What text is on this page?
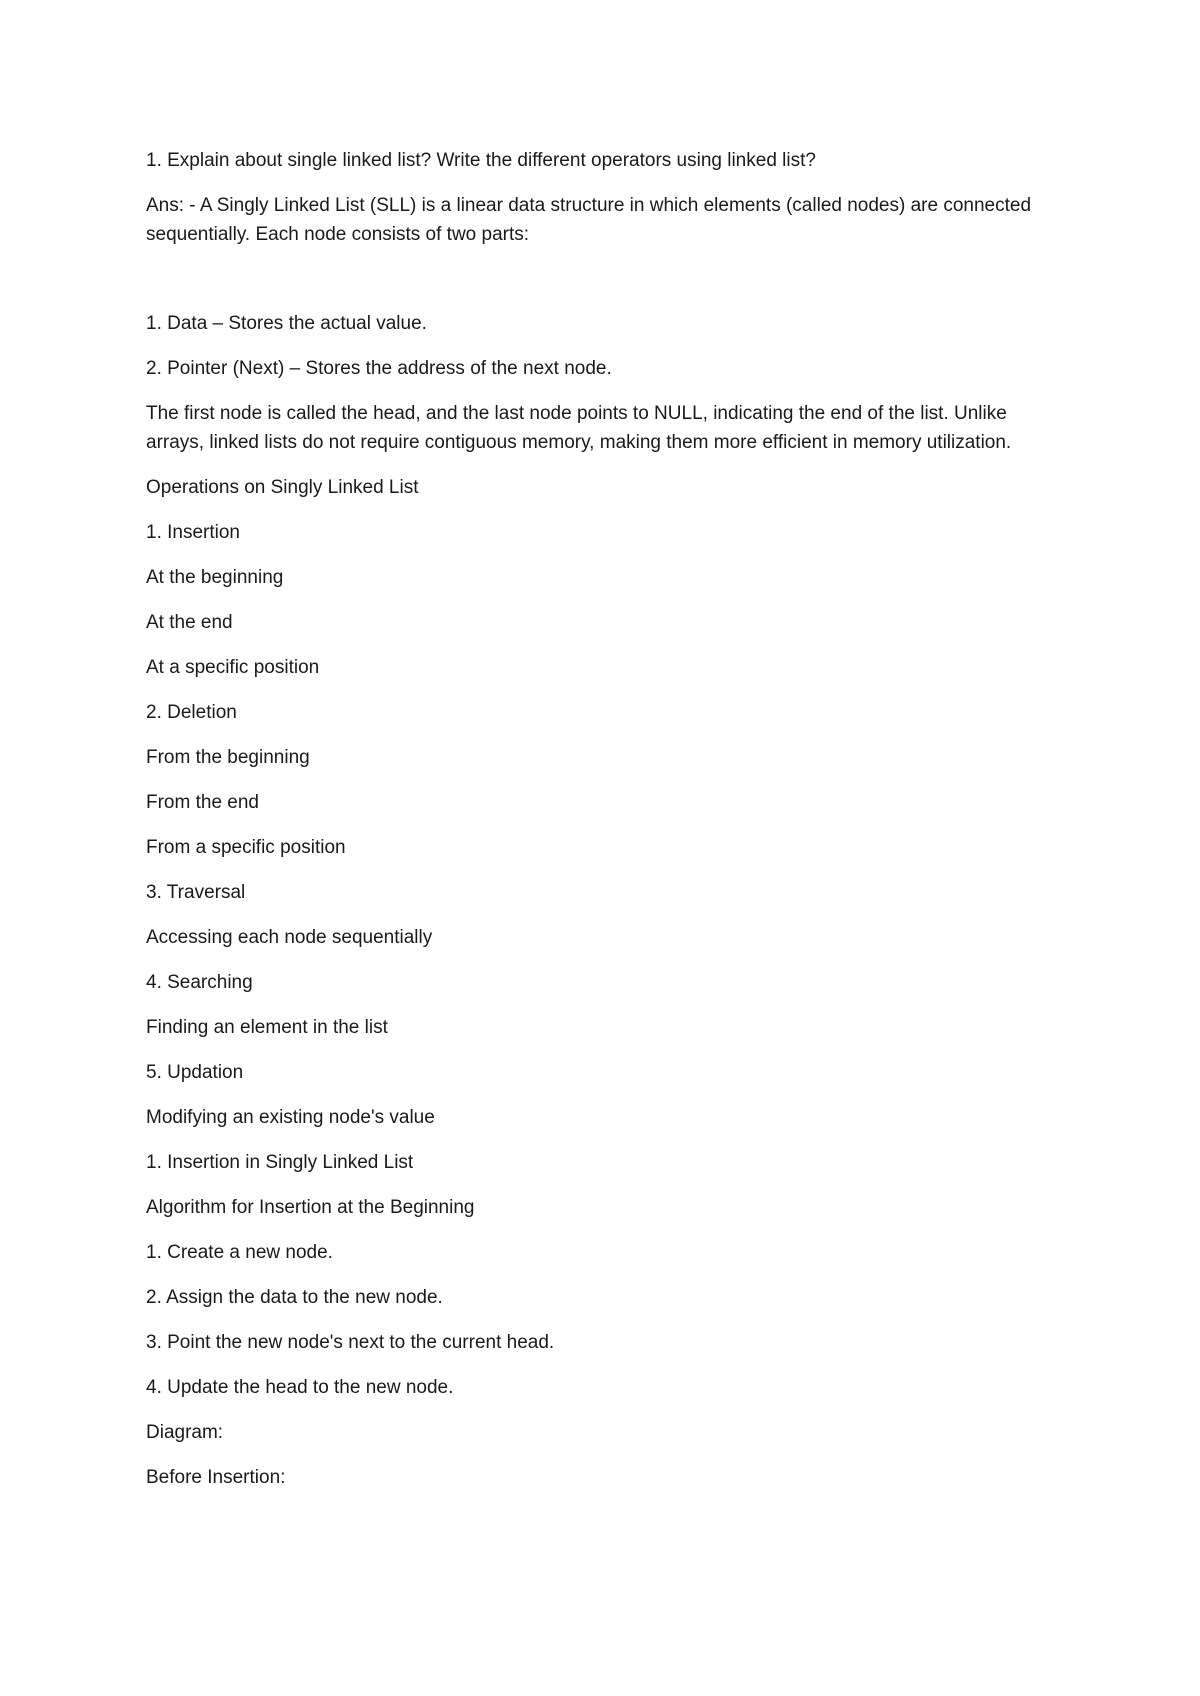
1. Explain about single linked list? Write the different operators using linked list?

Ans: - A Singly Linked List (SLL) is a linear data structure in which elements (called nodes) are connected sequentially. Each node consists of two parts:

1. Data – Stores the actual value.

2. Pointer (Next) – Stores the address of the next node.

The first node is called the head, and the last node points to NULL, indicating the end of the list. Unlike arrays, linked lists do not require contiguous memory, making them more efficient in memory utilization.

Operations on Singly Linked List

1. Insertion

At the beginning

At the end

At a specific position

2. Deletion

From the beginning

From the end

From a specific position

3. Traversal

Accessing each node sequentially

4. Searching

Finding an element in the list

5. Updation

Modifying an existing node's value

1. Insertion in Singly Linked List

Algorithm for Insertion at the Beginning

1. Create a new node.

2. Assign the data to the new node.

3. Point the new node's next to the current head.

4. Update the head to the new node.

Diagram:

Before Insertion:
